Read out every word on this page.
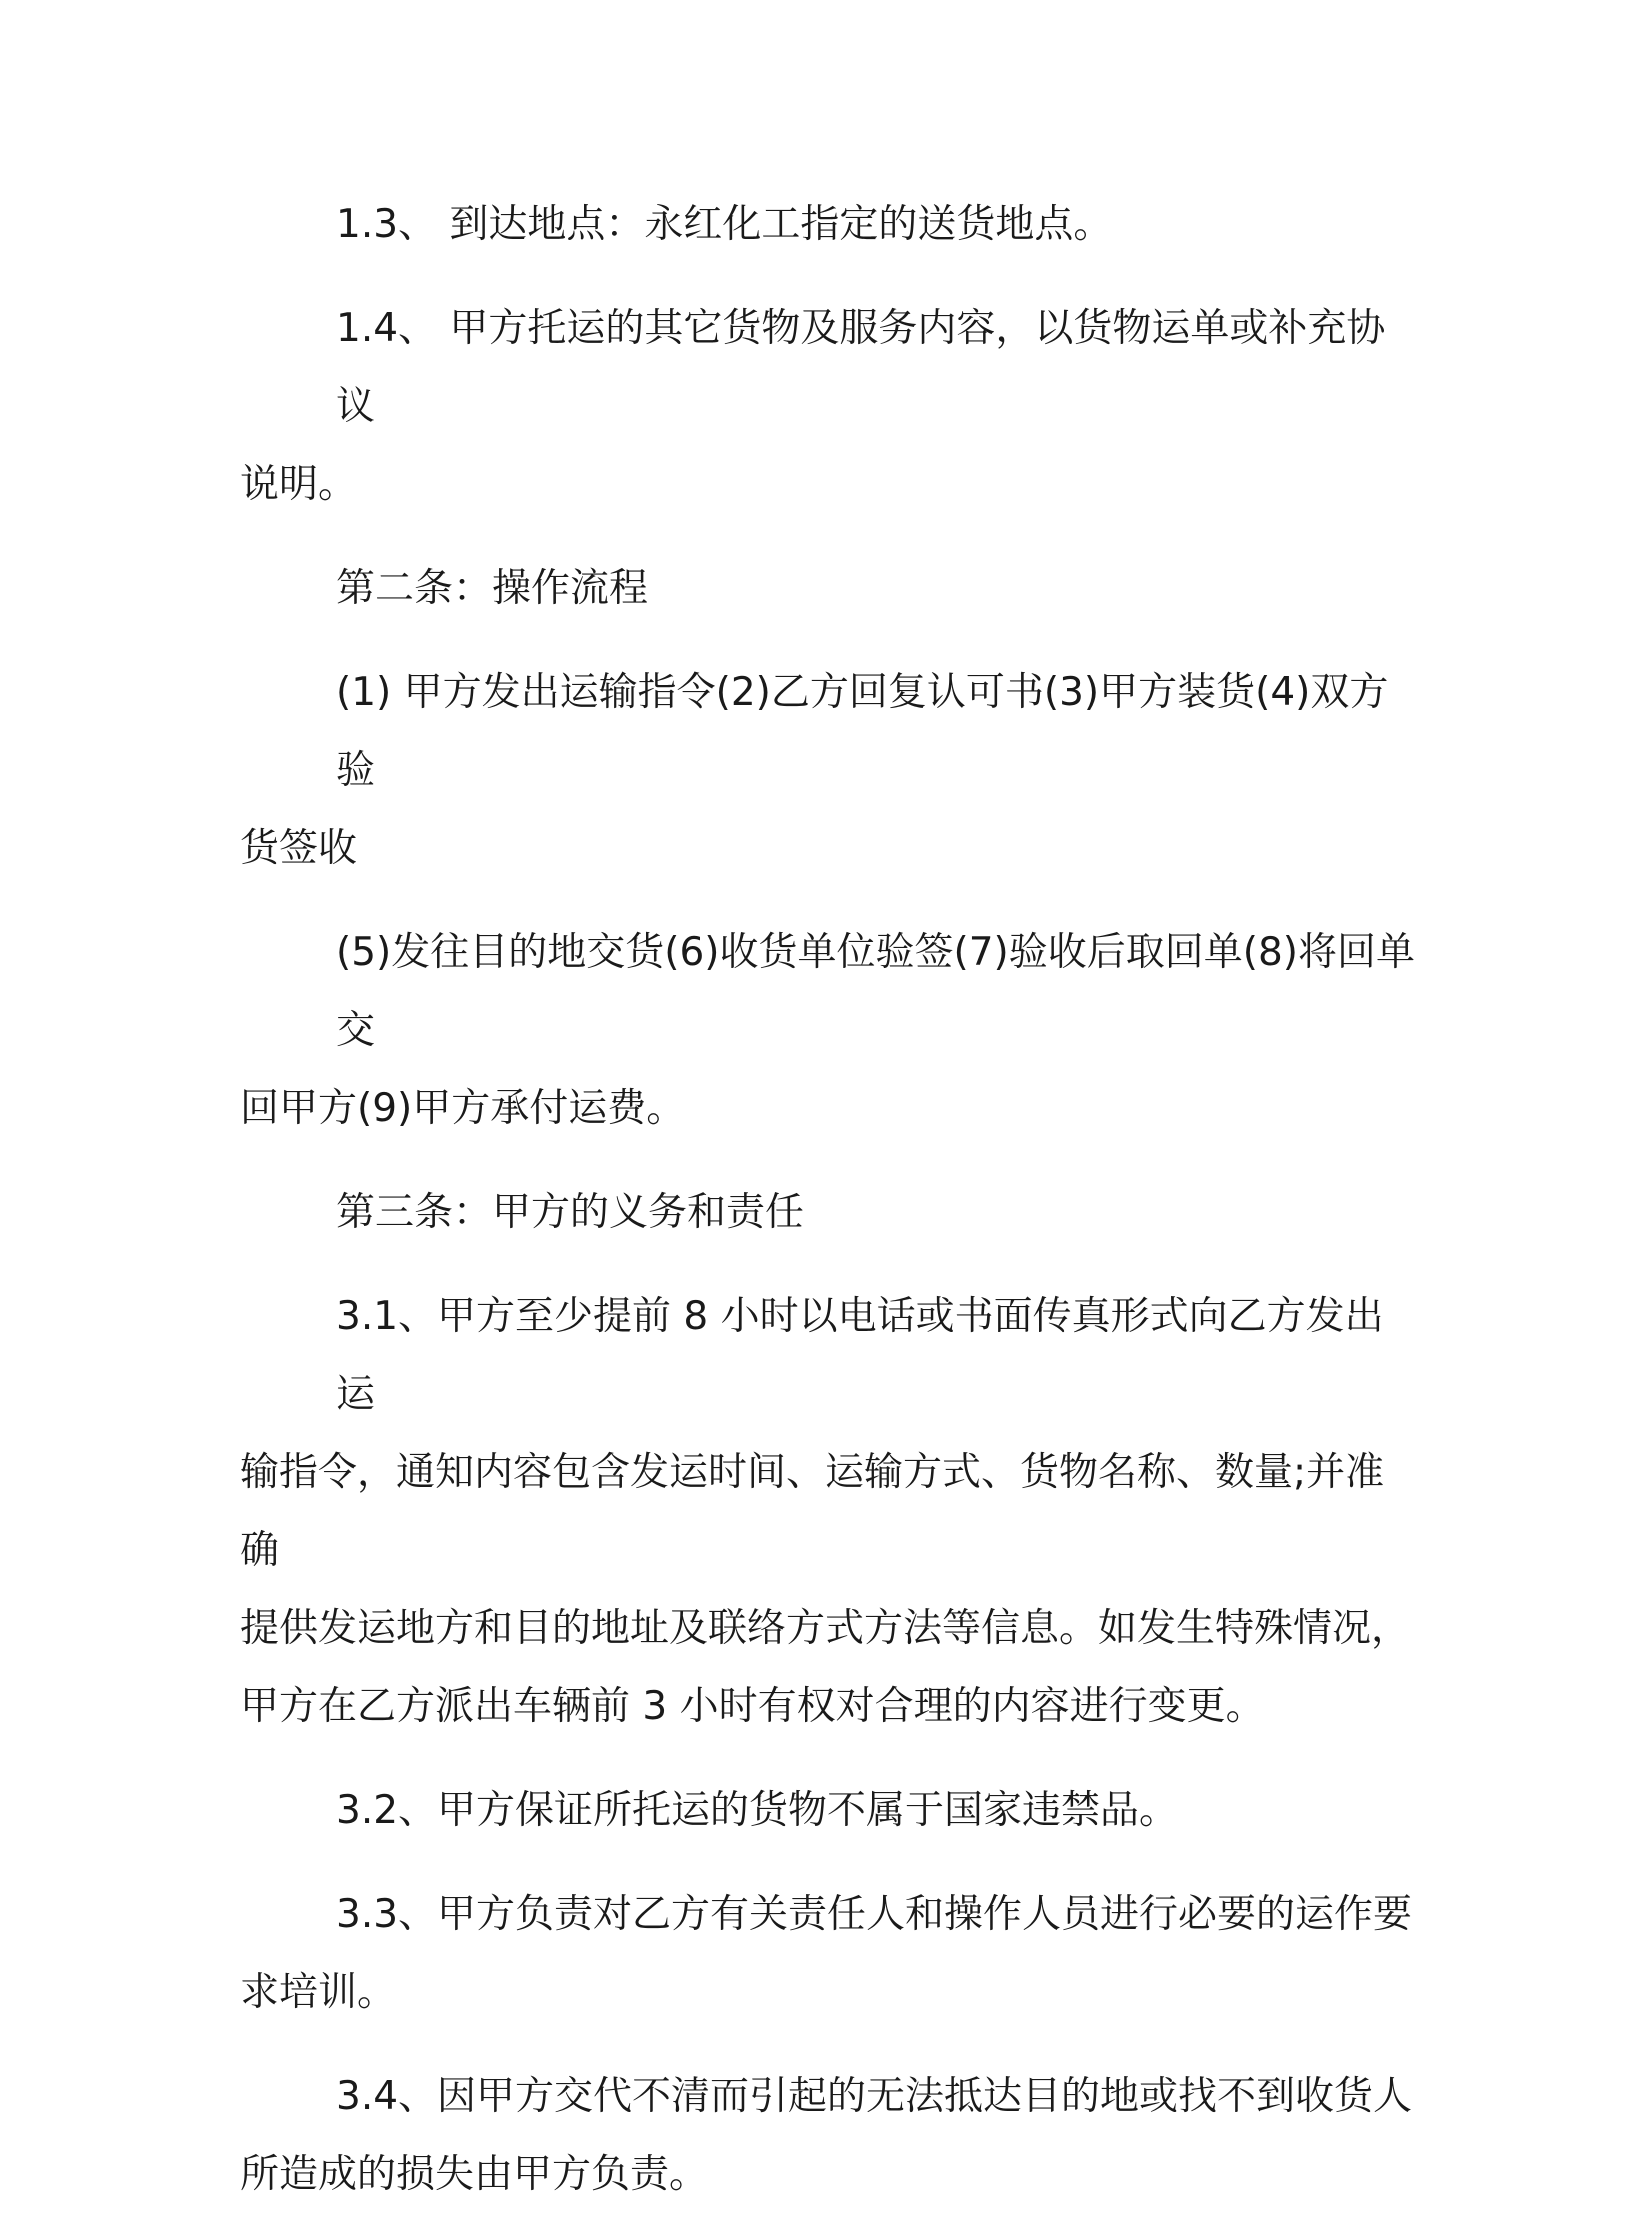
1.3、 到达地点：永红化工指定的送货地点。
1.4、 甲方托运的其它货物及服务内容，以货物运单或补充协议
说明。
第二条：操作流程
(1) 甲方发出运输指令(2)乙方回复认可书(3)甲方装货(4)双方验
货签收
(5)发往目的地交货(6)收货单位验签(7)验收后取回单(8)将回单交
回甲方(9)甲方承付运费。
第三条：甲方的义务和责任
3.1、甲方至少提前 8 小时以电话或书面传真形式向乙方发出运
输指令，通知内容包含发运时间、运输方式、货物名称、数量;并准确
提供发运地方和目的地址及联络方式方法等信息。如发生特殊情况，
甲方在乙方派出车辆前 3 小时有权对合理的内容进行变更。
3.2、甲方保证所托运的货物不属于国家违禁品。
3.3、甲方负责对乙方有关责任人和操作人员进行必要的运作要
求培训。
3.4、因甲方交代不清而引起的无法抵达目的地或找不到收货人
所造成的损失由甲方负责。
